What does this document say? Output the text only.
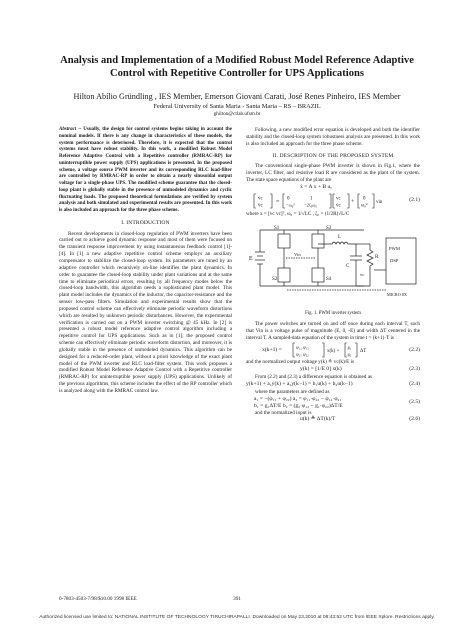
Analysis and Implementation of a Modified Robust Model Reference Adaptive
Control with Repetitive Controller for UPS Applications
Hilton Abílio Gründling , IES Member, Emerson Giovani Carati, José Renes Pinheiro, IES Member
Federal University of Santa Maria - Santa Maria – RS – BRAZIL
ghilton@ctlab.ufsm.br

Abstract -- Usually, the design for control systems begins taking in account the nominal models. If there is any change in characteristics of these models, the system performance is deteriored. Therefore, it is expected that the control systems must have robust stability. In this work, a modified Robust Model Reference Adaptive Control with a Repetitive controller (RMRAC-RP) for uninterruptible power supply (UPS) applications is presented. In the proposed scheme, a voltage source PWM inverter and its corresponding RLC load-filter are controlled by RMRAC-RP in order to obtain a nearly sinusoidal output voltage for a single-phase UPS. The modified scheme guarantee that the closed-loop plant is globally stable in the presence of unmodeled dynamics and cyclic fluctuating loads. The proposed theoretical formulations are verified by system analysis and both simulated and experimental results are presented. In this work is also included an approach for the three phase scheme.

I. INTRODUCTION

Recent developments in closed-loop regulation of PWM inverters have been carried out to achieve good dynamic response and most of them were focused on the transient response improvement by using instantaneous feedback control [1]-[4]. In [1] a new adaptive repetitive control scheme employs an auxiliary compensator to stabilize the closed-loop system. Its parameters are tuned by an adaptive controller which recursively on-line identifies the plant dynamics. In order to guarantee the closed-loop stability under plant variations and at the same time to eliminate periodical errors, resulting by all frequency modes below the closed-loop bandwidth, this algorithm needs a sophisticated plant model. This plant model includes the dynamics of the inductor, the capacitor-resistance and the sensor low-pass filters. Simulation and experimental results show that the proposed control scheme can effectively eliminate periodic waveform distortions which are resulted by unknown periodic disturbances. However, the experimental verification is carried out on a PWM inverter switching @ 45 kHz. In [2] is presented a robust model reference adaptive control algorithm including a repetitive control for UPS applications. Such as in [1], the proposed control scheme can effectively eliminate periodic waveform distortion, and moreover, it is globally stable in the presence of unmodeled dynamics. This algorithm can be designed for a reduced-order plant, without a priori knowledge of the exact plant model of the PWM inverter and RLC load-filter system. This work proposes a modified Robust Model Reference Adaptive Control with a Repetitive controller (RMRAC-RP) for uninterruptible power supply (UPS) applications. Unlikely of the previous algorithms, this scheme includes the effect of the RP controller which is analyzed along with the RMRAC control law.

Following, a new modified error equation is developed and both the identifier stability and the closed-loop system robustness analysis are presented. In this work is also included an approach for the three phase scheme.

II. DESCRIPTION OF THE PROPOSED SYSTEM

The conventional single-phase PWM inverter is shown in Fig.1, where the inverter, LC filter, and resistive load R are considered as the plant of the system. The state space equations of the plant are

ẋ = A x + B uₓ
v̇c
v̈c
= 0	1
−ω₀² −2ζ₀ω₀
vc
v̇c
+ 0
ω₀²
vin	(2.1)

where x = [vc vc]ᵀ, ω₀ = 1/√LC , ζ₀ = (1/2R)√L/C

S1	S3
S2	S4
E
L
C
R
Vin
vc
PWM
DSP
MICRO 8X
Fig. 1. PWM inverter system

The power switches are turned on and off once during each interval T, such that Vin is a voltage pulse of magnitude (E, 0, -E) and width ΔT centered in the interval T. A sampled-data equation of the system in time t = (k+1)·T is

x(k+1) =	φ₁₁ φ₁₂
φ₂₁ φ₂₂	x(k) +
g₁
g₂ ΔT	(2.2)

and the normalized output voltage y(k) ≙ vc(k)/E is

y(k) = [1/E 0] x(k)	(2.3)

From (2.2) and (2.3) a difference equation is obtained as

y(k+1) + a₁y(k) + a₂y(k−1) = b₁u(k) + b₂u(k−1)	(2.4)

where the parameters are defined as

a₁ = −(φ₁₁ + φ₂₂) a₂ = φ₁₁·φ₂₂ − φ₁₂·φ₂₁
b₁ = g₁ΔT/E b₂ = (g₂·φ₁₂ − g₁·φ₂₂)ΔT/E
(2.5)

and the normalized input is

u(k) ≙ ΔT(k)/T	(2.6)
0-7803-4503-7/98/$10.00 1998 IEEE	391
Authorized licensed use limited to: NATIONAL INSTITUTE OF TECHNOLOGY TIRUCHIRAPALLI. Downloaded on May 23,2010 at 08:43:52 UTC from IEEE Xplore. Restrictions apply.
